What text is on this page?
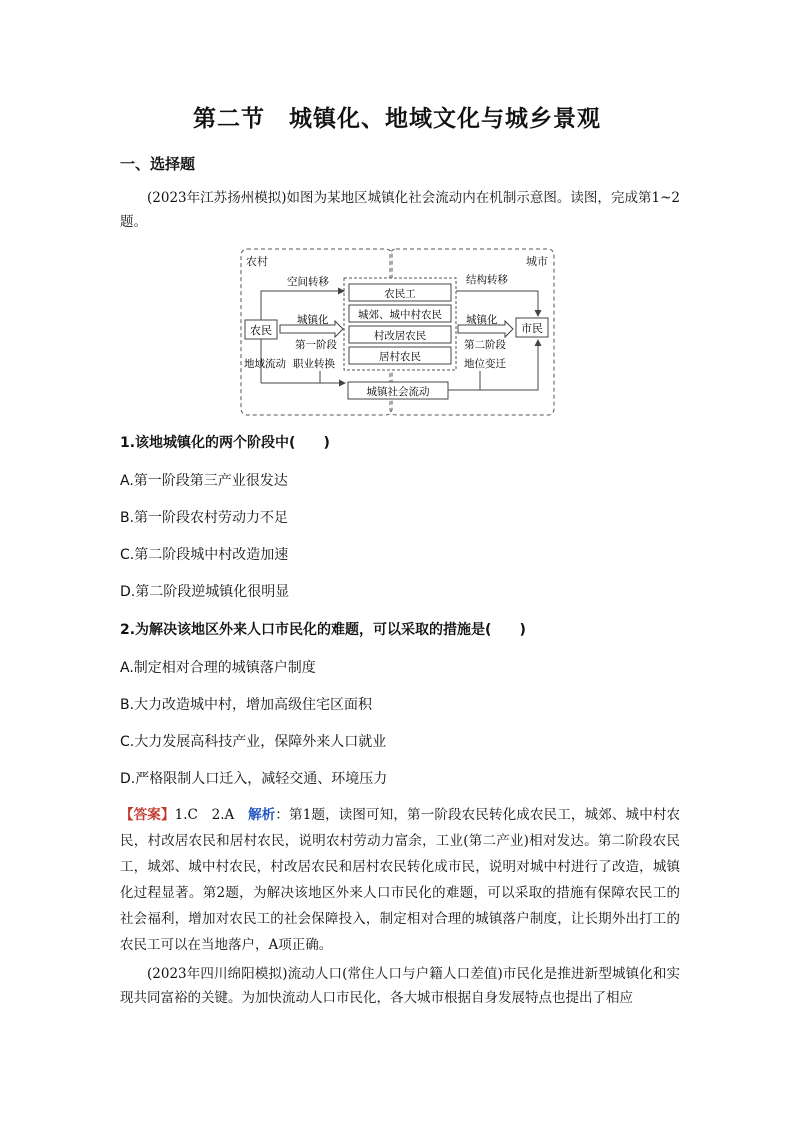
第二节　城镇化、地域文化与城乡景观
一、选择题
(2023年江苏扬州模拟)如图为某地区城镇化社会流动内在机制示意图。读图，完成第1~2题。
农村	城市
农民工
城郊、城中村农民
村改居农民
居村农民
农民	市民
空间转移	结构转移
城镇化
第一阶段
城镇化
第二阶段
地域流动 职业转换
城镇社会流动
地位变迁
1.该地城镇化的两个阶段中(　　)
A.第一阶段第三产业很发达
B.第一阶段农村劳动力不足
C.第二阶段城中村改造加速
D.第二阶段逆城镇化很明显
2.为解决该地区外来人口市民化的难题，可以采取的措施是(　　)
A.制定相对合理的城镇落户制度
B.大力改造城中村，增加高级住宅区面积
C.大力发展高科技产业，保障外来人口就业
D.严格限制人口迁入，减轻交通、环境压力
【答案】1.C　2.A　解析：第1题，读图可知，第一阶段农民转化成农民工，城郊、城中村农民，村改居农民和居村农民，说明农村劳动力富余，工业(第二产业)相对发达。第二阶段农民工，城郊、城中村农民，村改居农民和居村农民转化成市民，说明对城中村进行了改造，城镇化过程显著。第2题，为解决该地区外来人口市民化的难题，可以采取的措施有保障农民工的社会福利，增加对农民工的社会保障投入，制定相对合理的城镇落户制度，让长期外出打工的农民工可以在当地落户，A项正确。
(2023年四川绵阳模拟)流动人口(常住人口与户籍人口差值)市民化是推进新型城镇化和实现共同富裕的关键。为加快流动人口市民化，各大城市根据自身发展特点也提出了相应
